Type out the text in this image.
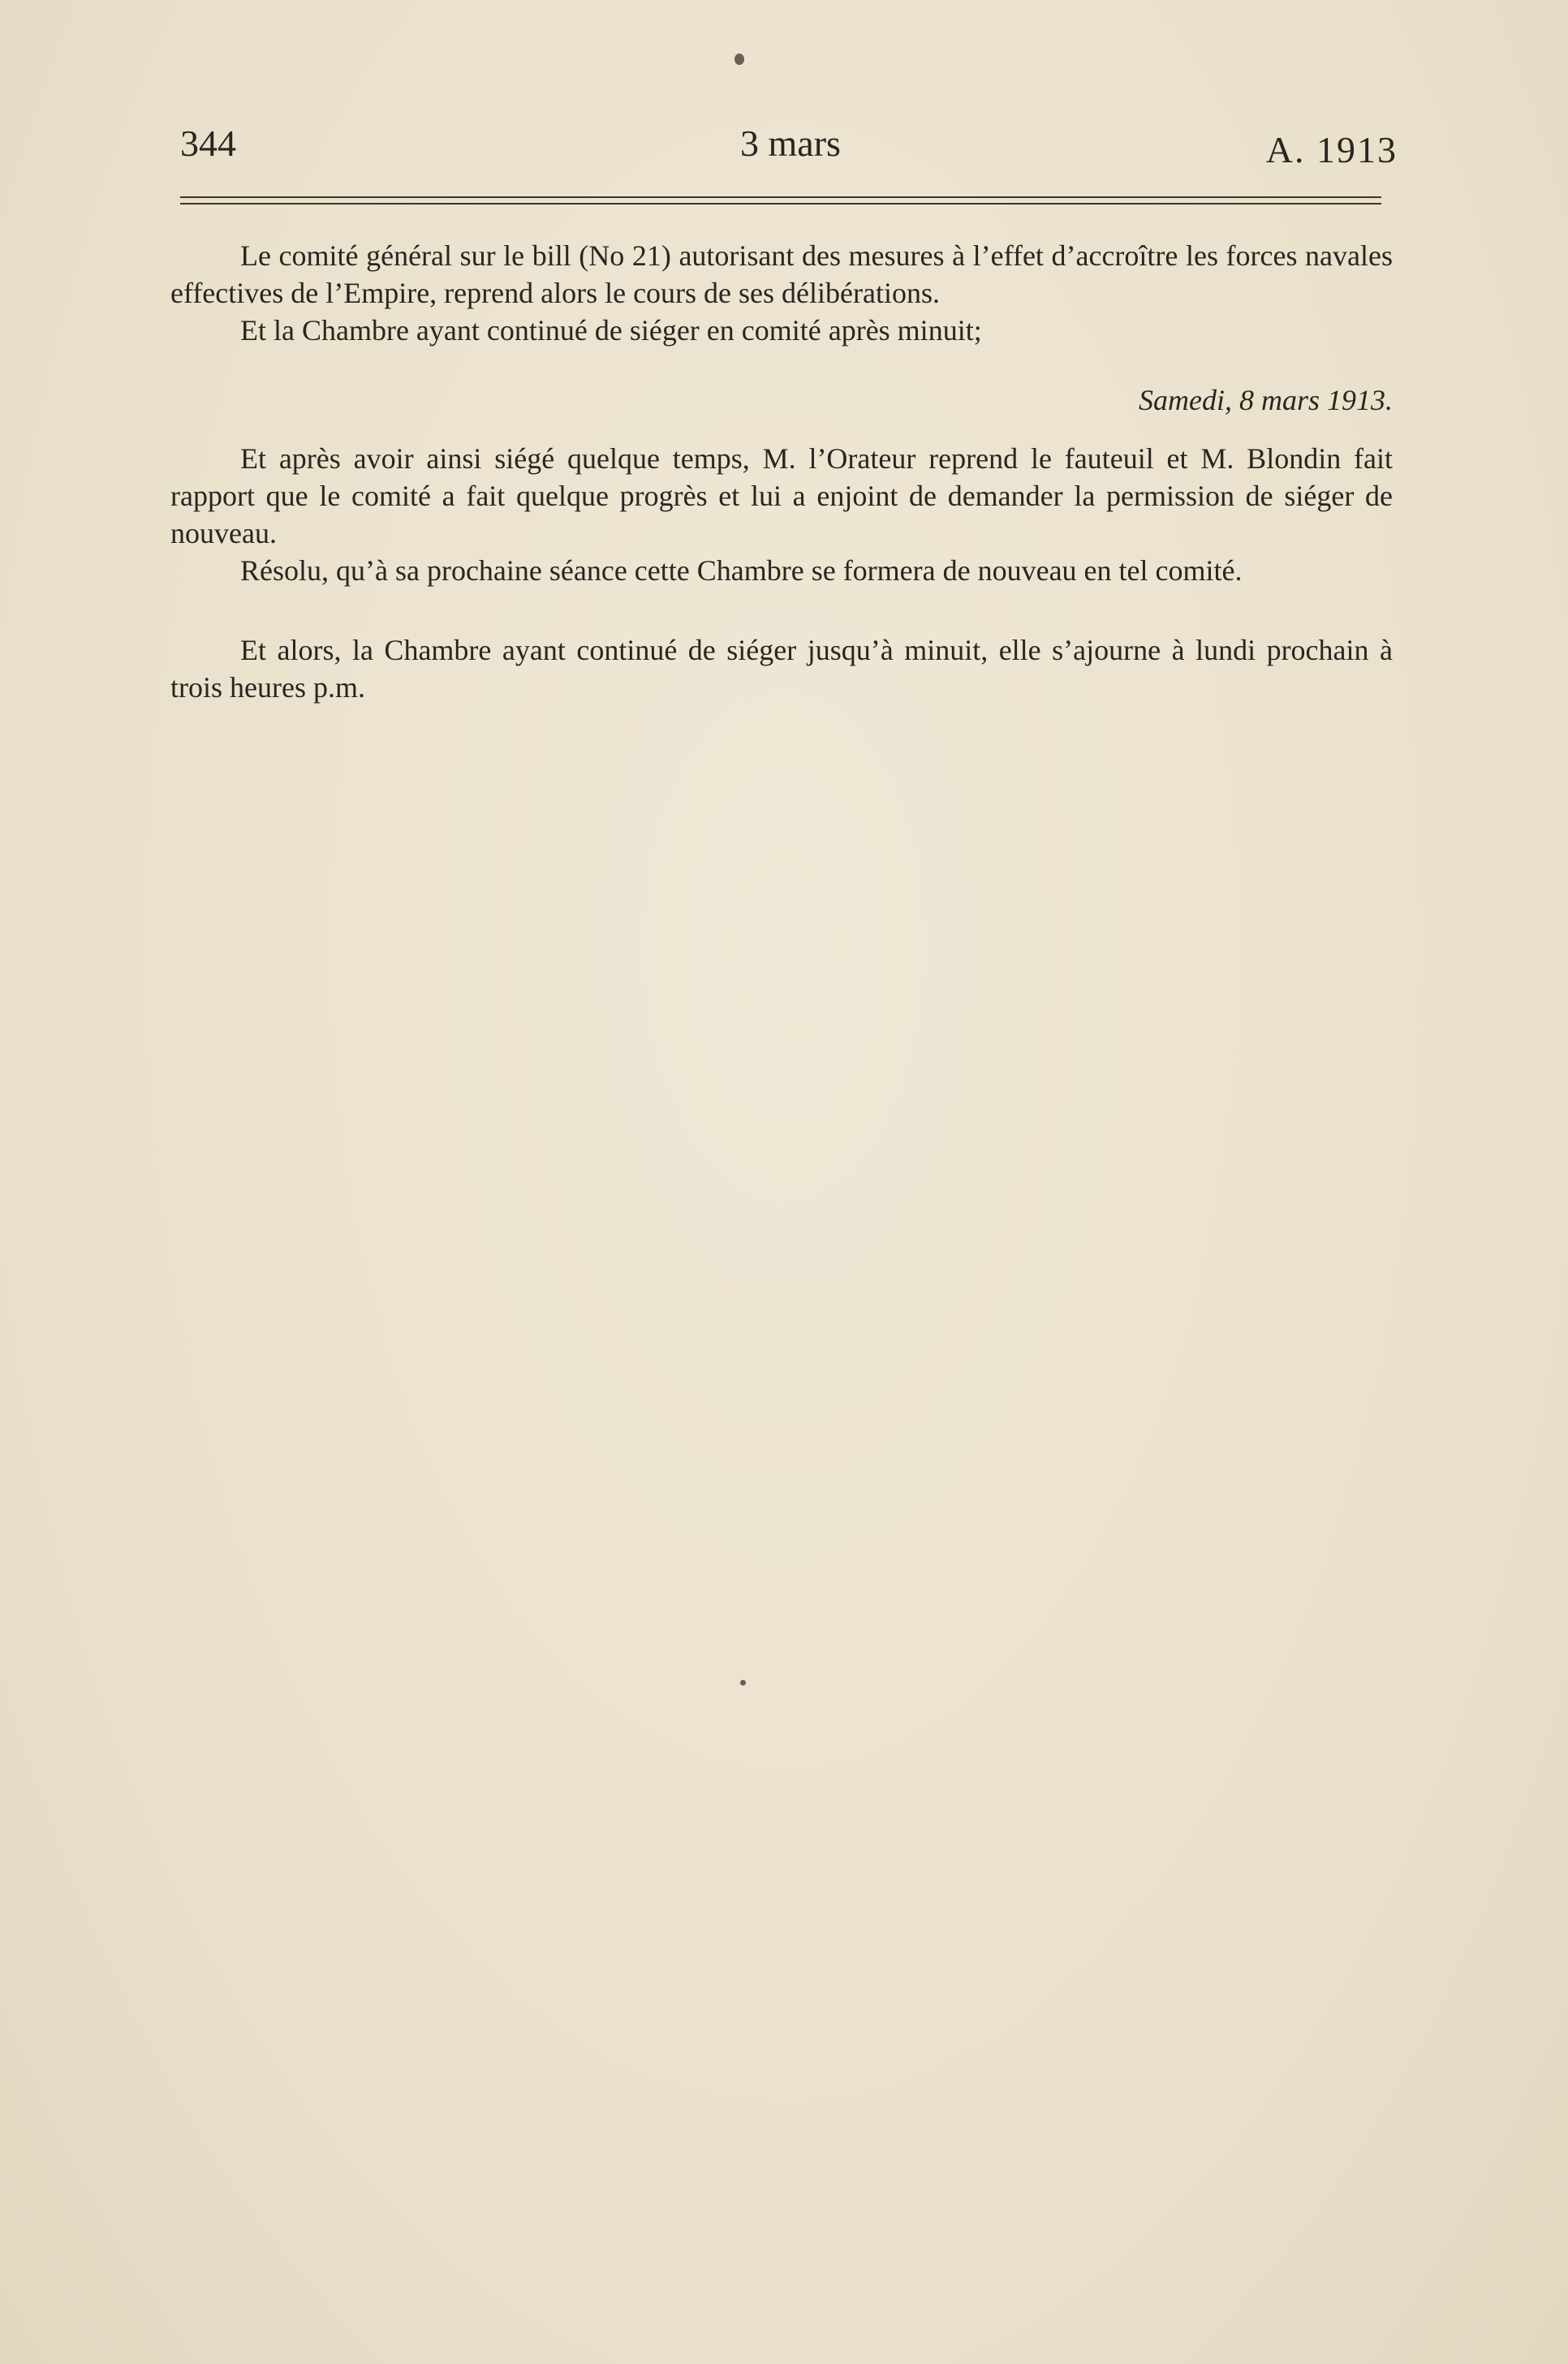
344	3 mars	A. 1913

Le comité général sur le bill (No 21) autorisant des mesures à l’effet d’accroître les forces navales effectives de l’Empire, reprend alors le cours de ses délibérations.

Et la Chambre ayant continué de siéger en comité après minuit;

Samedi, 8 mars 1913.

Et après avoir ainsi siégé quelque temps, M. l’Orateur reprend le fauteuil et M. Blondin fait rapport que le comité a fait quelque progrès et lui a enjoint de demander la permission de siéger de nouveau.

Résolu, qu’à sa prochaine séance cette Chambre se formera de nouveau en tel comité.

Et alors, la Chambre ayant continué de siéger jusqu’à minuit, elle s’ajourne à lundi prochain à trois heures p.m.
